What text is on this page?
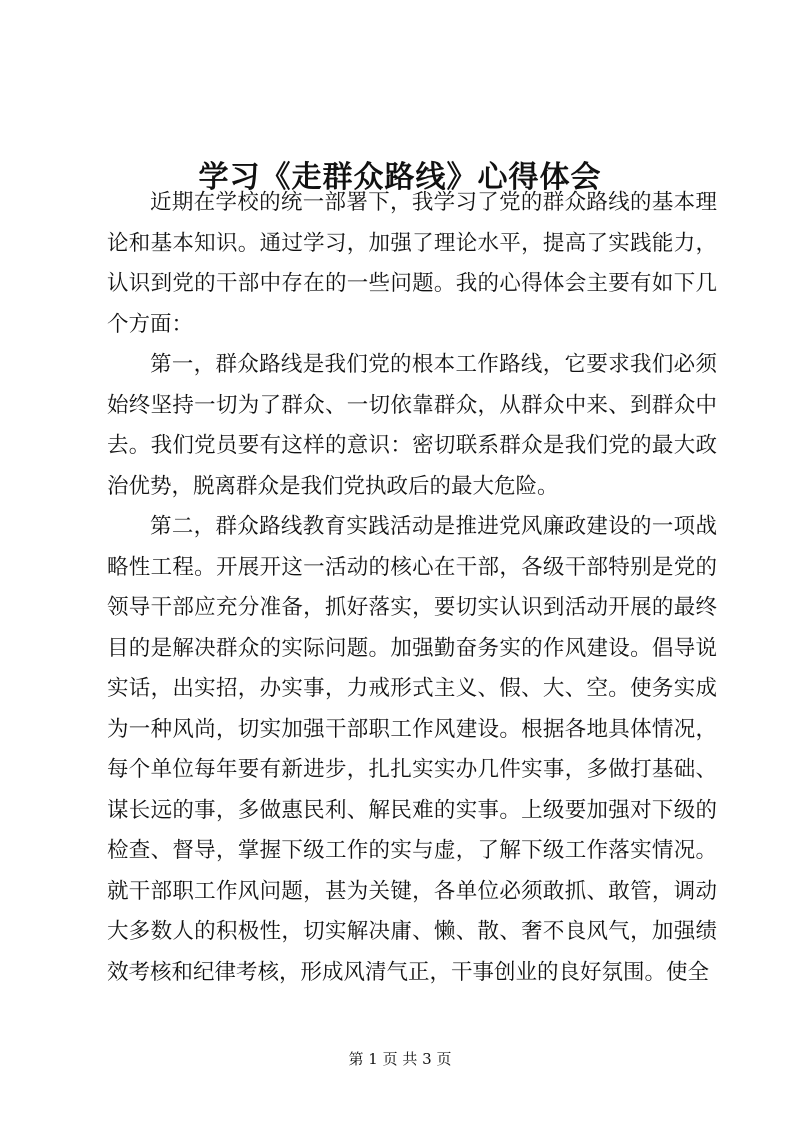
学习《走群众路线》心得体会

近期在学校的统一部署下，我学习了党的群众路线的基本理论和基本知识。通过学习，加强了理论水平，提高了实践能力，认识到党的干部中存在的一些问题。我的心得体会主要有如下几个方面：

第一，群众路线是我们党的根本工作路线，它要求我们必须始终坚持一切为了群众、一切依靠群众，从群众中来、到群众中去。我们党员要有这样的意识：密切联系群众是我们党的最大政治优势，脱离群众是我们党执政后的最大危险。

第二，群众路线教育实践活动是推进党风廉政建设的一项战略性工程。开展开这一活动的核心在干部，各级干部特别是党的领导干部应充分准备，抓好落实，要切实认识到活动开展的最终目的是解决群众的实际问题。加强勤奋务实的作风建设。倡导说实话，出实招，办实事，力戒形式主义、假、大、空。使务实成为一种风尚，切实加强干部职工作风建设。根据各地具体情况，每个单位每年要有新进步，扎扎实实办几件实事，多做打基础、谋长远的事，多做惠民利、解民难的实事。上级要加强对下级的检查、督导，掌握下级工作的实与虚，了解下级工作落实情况。就干部职工作风问题，甚为关键，各单位必须敢抓、敢管，调动大多数人的积极性，切实解决庸、懒、散、奢不良风气，加强绩效考核和纪律考核，形成风清气正，干事创业的良好氛围。使全

第 1 页 共 3 页
